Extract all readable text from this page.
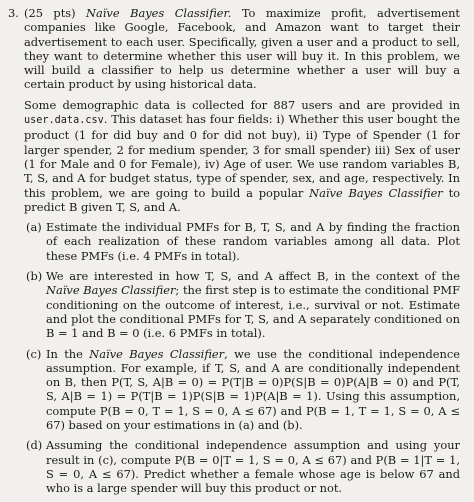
3. (25 pts) Naïve Bayes Classifier. To maximize profit, advertisement companies like Google, Facebook, and Amazon want to target their advertisement to each user. Specifically, given a user and a product to sell, they want to determine whether this user will buy it. In this problem, we will build a classifier to help us determine whether a user will buy a certain product by using historical data.

Some demographic data is collected for 887 users and are provided in user.data.csv. This dataset has four fields: i) Whether this user bought the product (1 for did buy and 0 for did not buy), ii) Type of Spender (1 for larger spender, 2 for medium spender, 3 for small spender) iii) Sex of user (1 for Male and 0 for Female), iv) Age of user. We use random variables B, T, S, and A for budget status, type of spender, sex, and age, respectively. In this problem, we are going to build a popular Naïve Bayes Classifier to predict B given T, S, and A.

(a) Estimate the individual PMFs for B, T, S, and A by finding the fraction of each realization of these random variables among all data. Plot these PMFs (i.e. 4 PMFs in total).
(b) We are interested in how T, S, and A affect B, in the context of the Naïve Bayes Classifier; the first step is to estimate the conditional PMF conditioning on the outcome of interest, i.e., survival or not. Estimate and plot the conditional PMFs for T, S, and A separately conditioned on B = 1 and B = 0 (i.e. 6 PMFs in total).
(c) In the Naïve Bayes Classifier, we use the conditional independence assumption. For example, if T, S, and A are conditionally independent on B, then P(T, S, A|B = 0) = P(T|B = 0)P(S|B = 0)P(A|B = 0) and P(T, S, A|B = 1) = P(T|B = 1)P(S|B = 1)P(A|B = 1). Using this assumption, compute P(B = 0, T = 1, S = 0, A ≤ 67) and P(B = 1, T = 1, S = 0, A ≤ 67) based on your estimations in (a) and (b).
(d) Assuming the conditional independence assumption and using your result in (c), compute P(B = 0|T = 1, S = 0, A ≤ 67) and P(B = 1|T = 1, S = 0, A ≤ 67). Predict whether a female whose age is below 67 and who is a large spender will buy this product or not.
